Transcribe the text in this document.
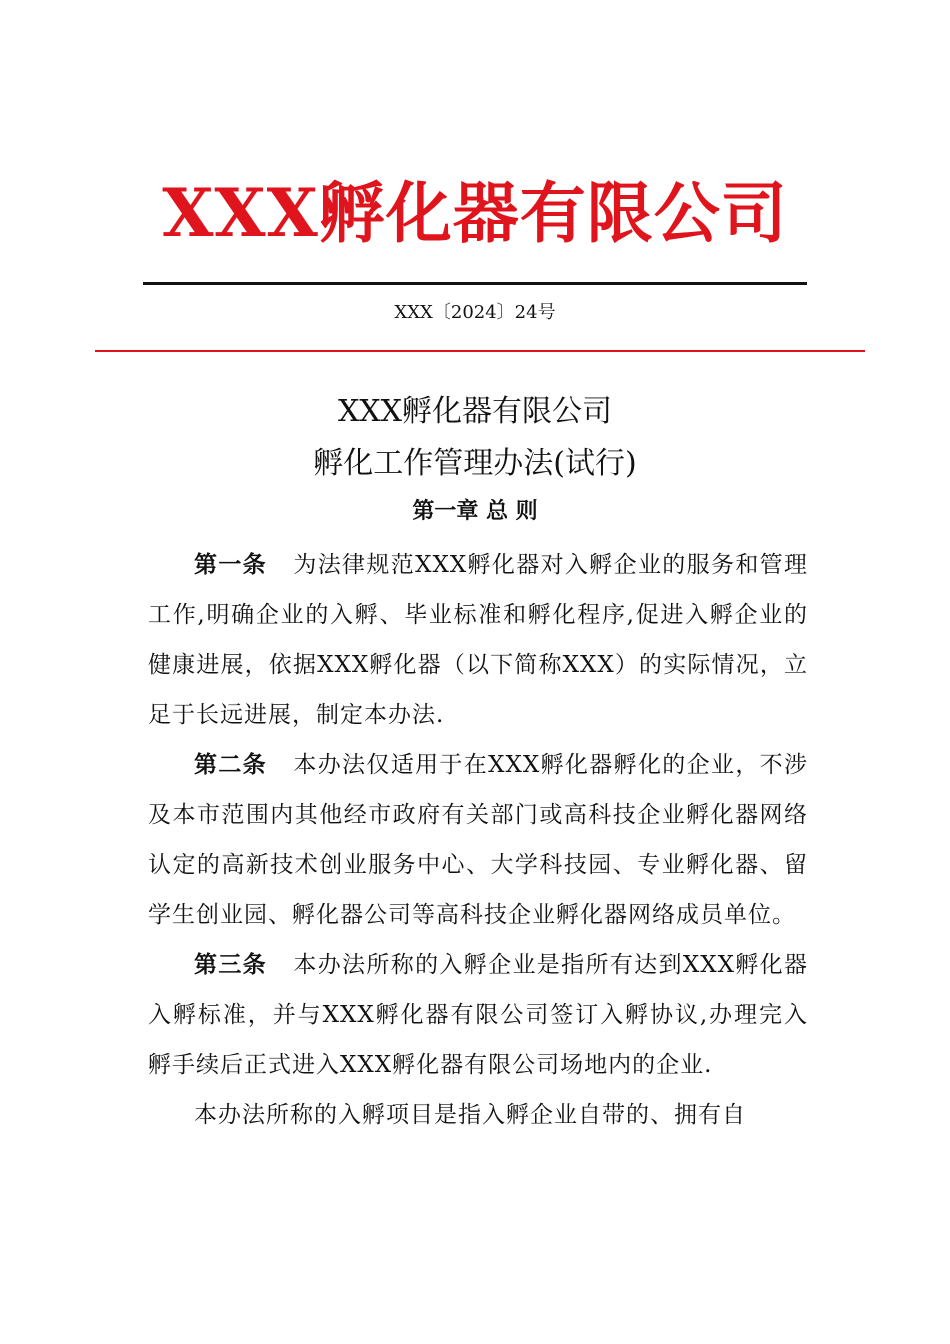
XXX孵化器有限公司
XXX〔2024〕24号
XXX孵化器有限公司
孵化工作管理办法(试行)
第一章 总 则

第一条 为法律规范XXX孵化器对入孵企业的服务和管理工作,明确企业的入孵、毕业标准和孵化程序,促进入孵企业的健康进展，依据XXX孵化器（以下简称XXX）的实际情况，立足于长远进展，制定本办法.

第二条 本办法仅适用于在XXX孵化器孵化的企业，不涉及本市范围内其他经市政府有关部门或高科技企业孵化器网络认定的高新技术创业服务中心、大学科技园、专业孵化器、留学生创业园、孵化器公司等高科技企业孵化器网络成员单位。

第三条 本办法所称的入孵企业是指所有达到XXX孵化器入孵标准，并与XXX孵化器有限公司签订入孵协议,办理完入孵手续后正式进入XXX孵化器有限公司场地内的企业.

本办法所称的入孵项目是指入孵企业自带的、拥有自
